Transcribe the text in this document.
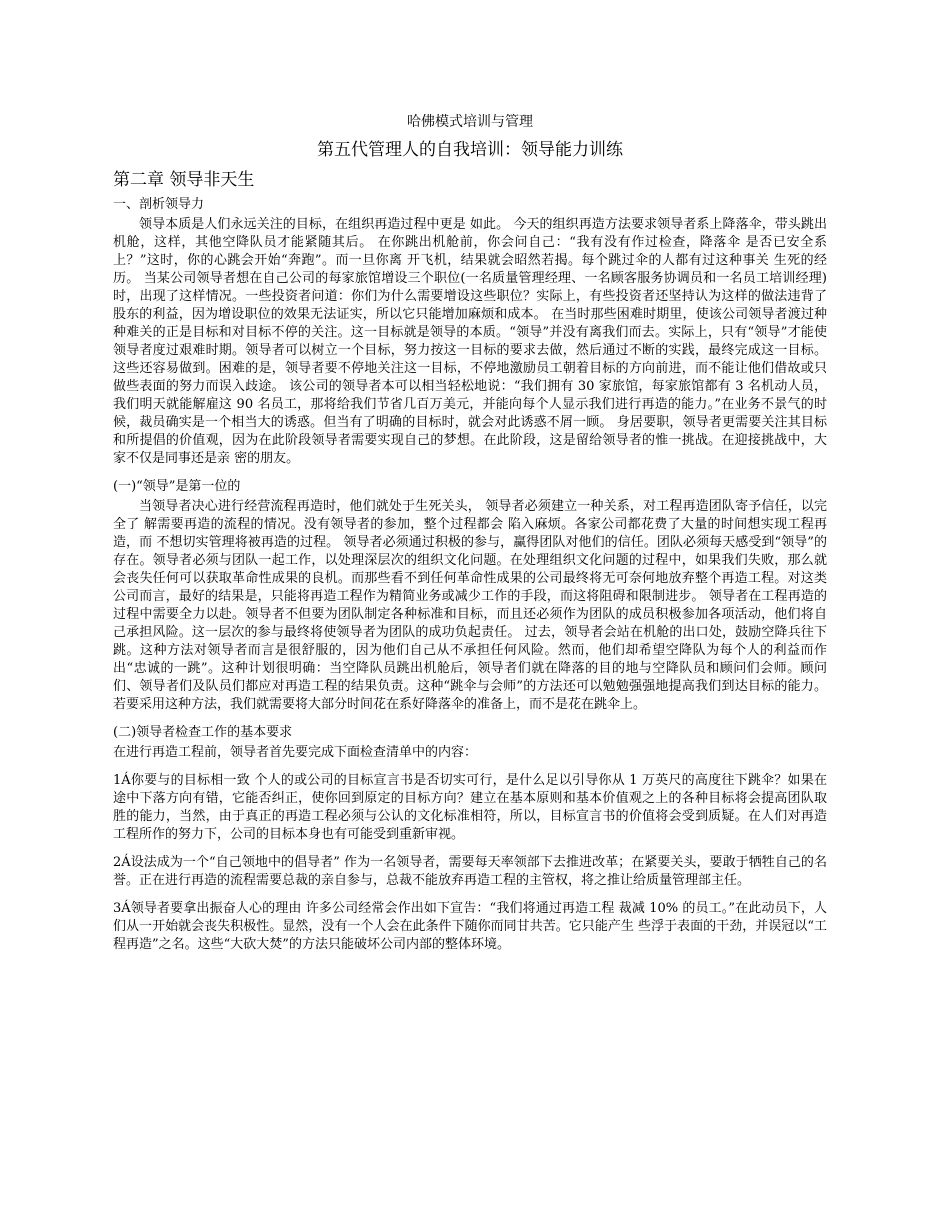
哈佛模式培训与管理
第五代管理人的自我培训：领导能力训练
第二章 领导非天生
一、剖析领导力

领导本质是人们永远关注的目标，在组织再造过程中更是 如此。 今天的组织再造方法要求领导者系上降落伞，带头跳出 机舱，这样，其他空降队员才能紧随其后。 在你跳出机舱前，你会问自己：“我有没有作过检查，降落伞 是否已安全系上？”这时，你的心跳会开始“奔跑”。而一旦你离 开飞机，结果就会昭然若揭。每个跳过伞的人都有过这种事关 生死的经历。 当某公司领导者想在自己公司的每家旅馆增设三个职位(一名质量管理经理、一名顾客服务协调员和一名员工培训经理)时，出现了这样情况。一些投资者问道：你们为什么需要增设这些职位？实际上，有些投资者还坚持认为这样的做法违背了股东的利益，因为增设职位的效果无法证实，所以它只能增加麻烦和成本。 在当时那些困难时期里，使该公司领导者渡过种种难关的正是目标和对目标不停的关注。这一目标就是领导的本质。“领导”并没有离我们而去。实际上，只有“领导”才能使领导者度过艰难时期。领导者可以树立一个目标，努力按这一目标的要求去做，然后通过不断的实践，最终完成这一目标。这些还容易做到。困难的是，领导者要不停地关注这一目标，不停地激励员工朝着目标的方向前进，而不能让他们借故或只做些表面的努力而误入歧途。 该公司的领导者本可以相当轻松地说：“我们拥有 30 家旅馆，每家旅馆都有 3 名机动人员，我们明天就能解雇这 90 名员工，那将给我们节省几百万美元，并能向每个人显示我们进行再造的能力。”在业务不景气的时候，裁员确实是一个相当大的诱惑。但当有了明确的目标时，就会对此诱惑不屑一顾。 身居要职，领导者更需要关注其目标和所提倡的价值观，因为在此阶段领导者需要实现自己的梦想。在此阶段，这是留给领导者的惟一挑战。在迎接挑战中，大家不仅是同事还是亲 密的朋友。

(一)“领导”是第一位的

当领导者决心进行经营流程再造时，他们就处于生死关头， 领导者必须建立一种关系，对工程再造团队寄予信任，以完全了 解需要再造的流程的情况。没有领导者的参加，整个过程都会 陷入麻烦。各家公司都花费了大量的时间想实现工程再造，而 不想切实管理将被再造的过程。 领导者必须通过积极的参与，赢得团队对他们的信任。团队必须每天感受到“领导”的存在。领导者必须与团队一起工作，以处理深层次的组织文化问题。在处理组织文化问题的过程中，如果我们失败，那么就会丧失任何可以获取革命性成果的良机。而那些看不到任何革命性成果的公司最终将无可奈何地放弃整个再造工程。对这类公司而言，最好的结果是，只能将再造工程作为精简业务或减少工作的手段，而这将阻碍和限制进步。 领导者在工程再造的过程中需要全力以赴。领导者不但要为团队制定各种标准和目标，而且还必须作为团队的成员积极参加各项活动，他们将自己承担风险。这一层次的参与最终将使领导者为团队的成功负起责任。 过去，领导者会站在机舱的出口处，鼓励空降兵往下跳。这种方法对领导者而言是很舒服的，因为他们自己从不承担任何风险。然而，他们却希望空降队为每个人的利益而作出“忠诚的一跳”。这种计划很明确：当空降队员跳出机舱后，领导者们就在降落的目的地与空降队员和顾问们会师。顾问们、领导者们及队员们都应对再造工程的结果负责。这种“跳伞与会师”的方法还可以勉勉强强地提高我们到达目标的能力。若要采用这种方法，我们就需要将大部分时间花在系好降落伞的准备上，而不是花在跳伞上。

(二)领导者检查工作的基本要求

在进行再造工程前，领导者首先要完成下面检查清单中的内容：

1Á你要与的目标相一致 个人的或公司的目标宣言书是否切实可行，是什么足以引导你从 1 万英尺的高度往下跳伞？如果在途中下落方向有错，它能否纠正，使你回到原定的目标方向？建立在基本原则和基本价值观之上的各种目标将会提高团队取胜的能力，当然，由于真正的再造工程必须与公认的文化标准相符，所以，目标宣言书的价值将会受到质疑。在人们对再造工程所作的努力下，公司的目标本身也有可能受到重新审视。

2Á设法成为一个“自己领地中的倡导者” 作为一名领导者，需要每天率领部下去推进改革；在紧要关头，要敢于牺牲自己的名誉。正在进行再造的流程需要总裁的亲自参与，总裁不能放弃再造工程的主管权，将之推让给质量管理部主任。

3Á领导者要拿出振奋人心的理由 许多公司经常会作出如下宣告：“我们将通过再造工程 裁减 10% 的员工。”在此动员下，人们从一开始就会丧失积极性。显然，没有一个人会在此条件下随你而同甘共苦。它只能产生 些浮于表面的干劲，并误冠以“工程再造”之名。这些“大砍大焚”的方法只能破坏公司内部的整体环境。
